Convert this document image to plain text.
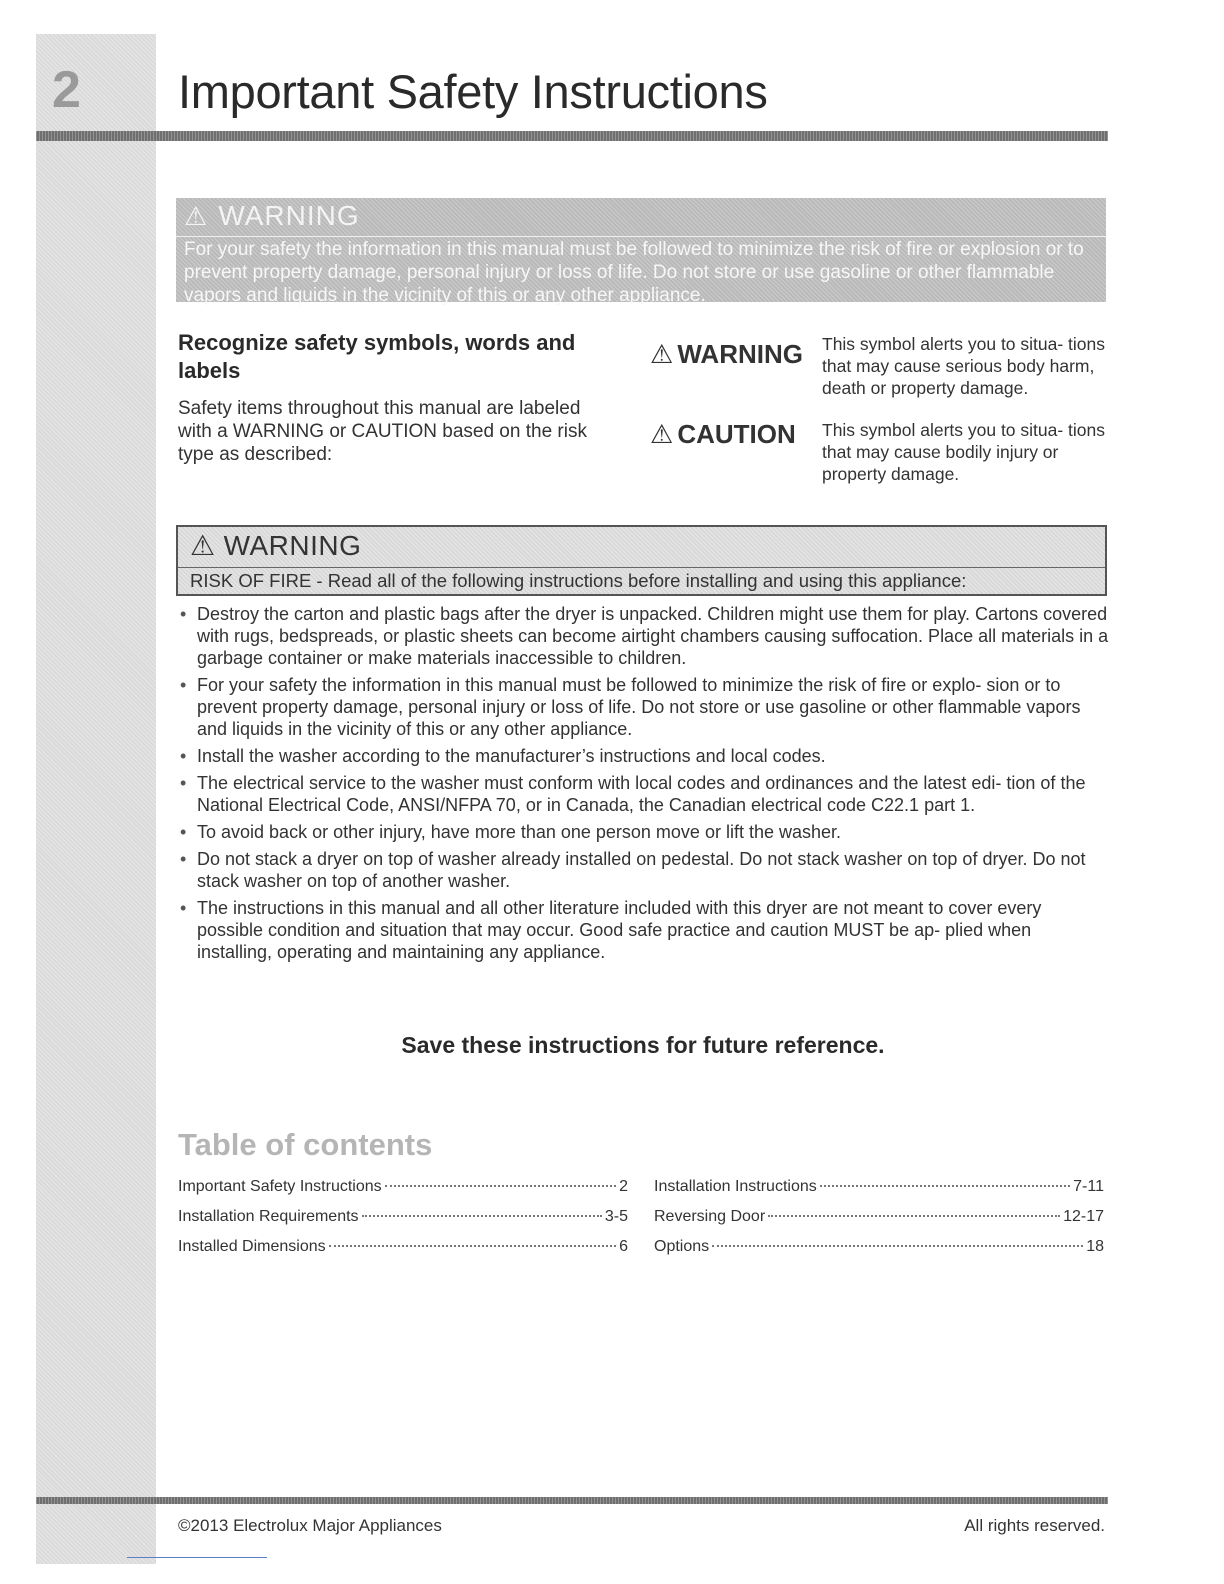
2 Important Safety Instructions
⚠ WARNING
For your safety the information in this manual must be followed to minimize the risk of fire or explosion or to prevent property damage, personal injury or loss of life. Do not store or use gasoline or other flammable vapors and liquids in the vicinity of this or any other appliance.
Recognize safety symbols, words and labels
Safety items throughout this manual are labeled with a WARNING or CAUTION based on the risk type as described:
⚠ WARNING This symbol alerts you to situa- tions that may cause serious body harm, death or property damage.
⚠ CAUTION This symbol alerts you to situa- tions that may cause bodily injury or property damage.
⚠ WARNING
RISK OF FIRE - Read all of the following instructions before installing and using this appliance:
• Destroy the carton and plastic bags after the dryer is unpacked. Children might use them for play. Cartons covered with rugs, bedspreads, or plastic sheets can become airtight chambers causing suffocation. Place all materials in a garbage container or make materials inaccessible to children.
• For your safety the information in this manual must be followed to minimize the risk of fire or explo- sion or to prevent property damage, personal injury or loss of life. Do not store or use gasoline or other flammable vapors and liquids in the vicinity of this or any other appliance.
• Install the washer according to the manufacturer’s instructions and local codes.
• The electrical service to the washer must conform with local codes and ordinances and the latest edi- tion of the National Electrical Code, ANSI/NFPA 70, or in Canada, the Canadian electrical code C22.1 part 1.
• To avoid back or other injury, have more than one person move or lift the washer.
• Do not stack a dryer on top of washer already installed on pedestal. Do not stack washer on top of dryer. Do not stack washer on top of another washer.
• The instructions in this manual and all other literature included with this dryer are not meant to cover every possible condition and situation that may occur. Good safe practice and caution MUST be ap- plied when installing, operating and maintaining any appliance.
Save these instructions for future reference.
Table of contents
Important Safety Instructions	2
Installation Requirements	3-5
Installed Dimensions	6
Installation Instructions	7-11
Reversing Door	12-17
Options	18
©2013 Electrolux Major Appliances	All rights reserved.
